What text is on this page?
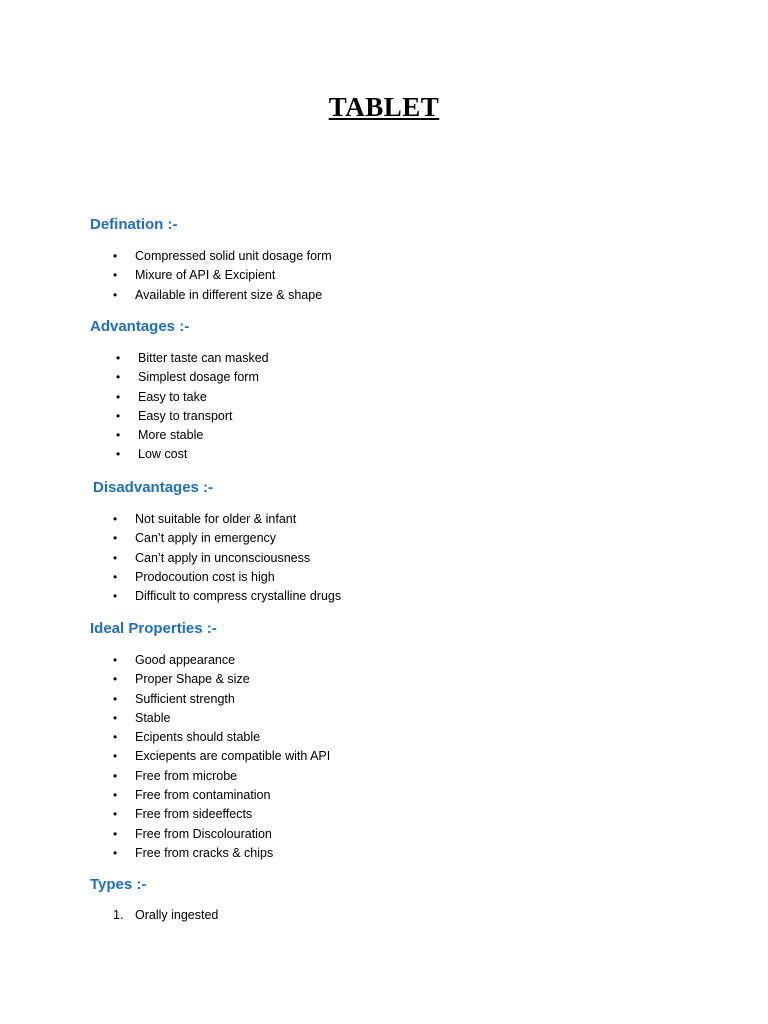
TABLET
Defination :-
• Compressed solid unit dosage form
• Mixure of API & Excipient
• Available in different size & shape
Advantages :-
• Bitter taste can masked
• Simplest dosage form
• Easy to take
• Easy to transport
• More stable
• Low cost
Disadvantages :-
• Not suitable for older & infant
• Can’t apply in emergency
• Can’t apply in unconsciousness
• Prodocoution cost is high
• Difficult to compress crystalline drugs
Ideal Properties :-
• Good appearance
• Proper Shape & size
• Sufficient strength
• Stable
• Ecipents should stable
• Exciepents are compatible with API
• Free from microbe
• Free from contamination
• Free from sideeffects
• Free from Discolouration
• Free from cracks & chips
Types :-
1. Orally ingested
